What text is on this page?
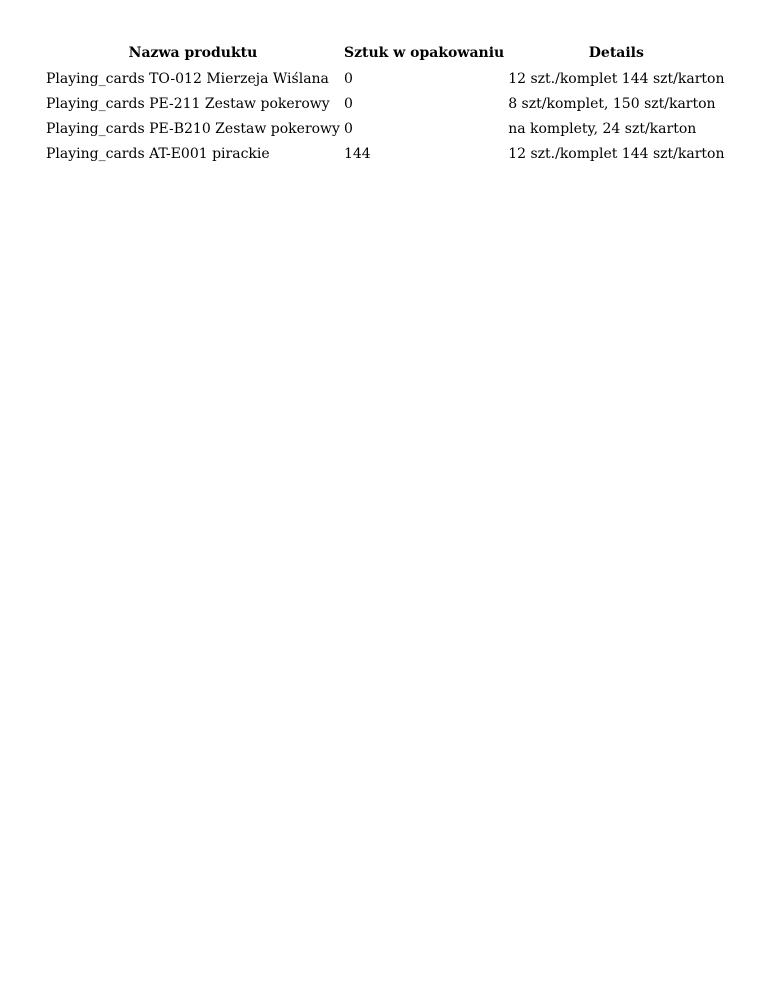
Nazwa produktu	Sztuk w opakowaniu	Details
Playing_cards TO-012 Mierzeja Wiślana	0	12 szt./komplet 144 szt/karton
Playing_cards PE-211 Zestaw pokerowy	0	8 szt/komplet, 150 szt/karton
Playing_cards PE-B210 Zestaw pokerowy	0	na komplety, 24 szt/karton
Playing_cards AT-E001 pirackie	144	12 szt./komplet 144 szt/karton
